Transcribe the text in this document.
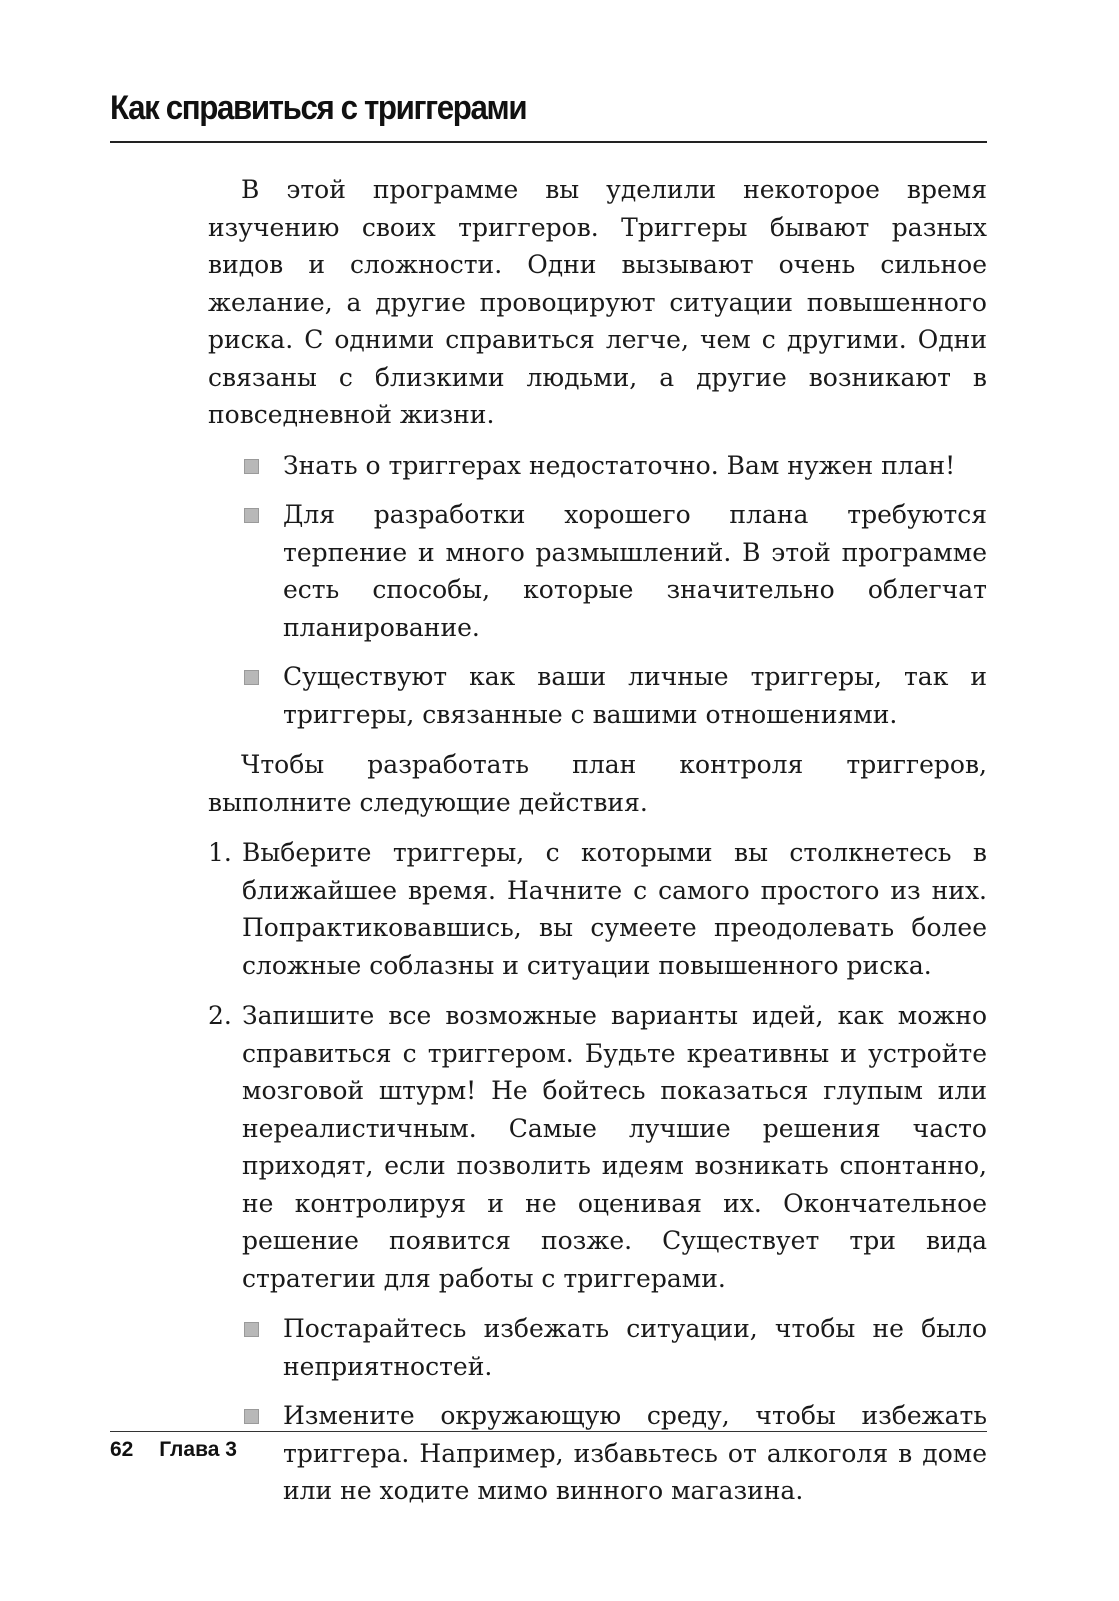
Как справиться с триггерами

В этой программе вы уделили некоторое время изучению своих триггеров. Триггеры бывают разных видов и сложности. Одни вызывают очень сильное желание, а другие провоцируют ситуации повышенного риска. С одними справиться легче, чем с другими. Одни связаны с близкими людьми, а другие возникают в повседневной жизни.

Знать о триггерах недостаточно. Вам нужен план!
Для разработки хорошего плана требуются терпение и много размышлений. В этой программе есть способы, которые значительно облегчат планирование.
Существуют как ваши личные триггеры, так и триггеры, связанные с вашими отношениями.

Чтобы разработать план контроля триггеров, выполните следующие действия.

1. Выберите триггеры, с которыми вы столкнетесь в ближайшее время. Начните с самого простого из них. Попрактиковавшись, вы сумеете преодолевать более сложные соблазны и ситуации повышенного риска.
2. Запишите все возможные варианты идей, как можно справиться с триггером. Будьте креативны и устройте мозговой штурм! Не бойтесь показаться глупым или нереалистичным. Самые лучшие решения часто приходят, если позволить идеям возникать спонтанно, не контролируя и не оценивая их. Окончательное решение появится позже. Существует три вида стратегии для работы с триггерами.
Постарайтесь избежать ситуации, чтобы не было неприятностей.
Измените окружающую среду, чтобы избежать триггера. Например, избавьтесь от алкоголя в доме или не ходите мимо винного магазина.
62 Глава 3
